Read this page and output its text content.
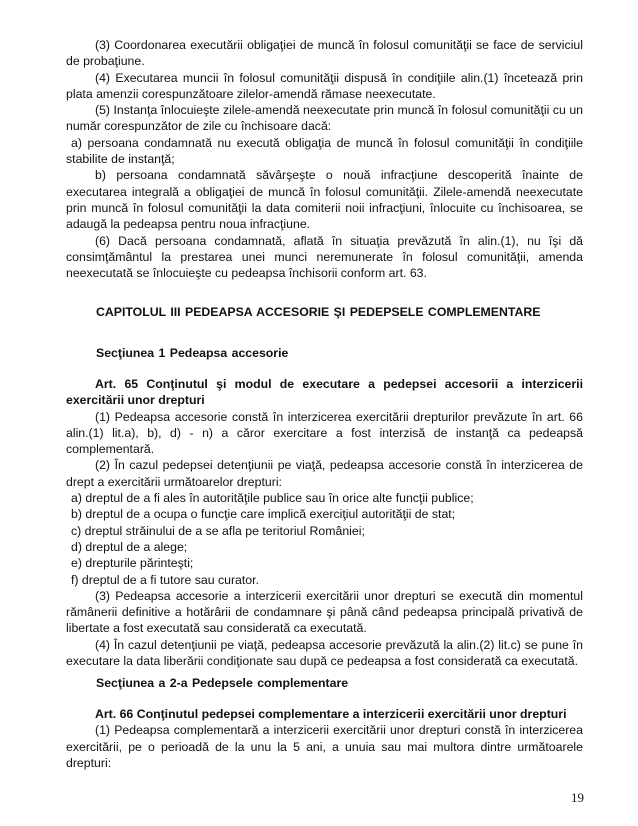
(3) Coordonarea executării obligaţiei de muncă în folosul comunităţii se face de serviciul de probaţiune.

(4) Executarea muncii în folosul comunităţii dispusă în condiţiile alin.(1) încetează prin plata amenzii corespunzătoare zilelor-amendă rămase neexecutate.

(5) Instanţa înlocuieşte zilele-amendă neexecutate prin muncă în folosul comunităţii cu un număr corespunzător de zile cu închisoare dacă:

a) persoana condamnată nu execută obligaţia de muncă în folosul comunităţii în condiţiile stabilite de instanţă;

b) persoana condamnată săvârşeşte o nouă infracţiune descoperită înainte de executarea integrală a obligaţiei de muncă în folosul comunităţii. Zilele-amendă neexecutate prin muncă în folosul comunităţii la data comiterii noii infracţiuni, înlocuite cu închisoarea, se adaugă la pedeapsa pentru noua infracţiune.

(6) Dacă persoana condamnată, aflată în situaţia prevăzută în alin.(1), nu îşi dă consimţământul la prestarea unei munci neremunerate în folosul comunităţii, amenda neexecutată se înlocuieşte cu pedeapsa închisorii conform art. 63.

CAPITOLUL III PEDEAPSA ACCESORIE ŞI PEDEPSELE COMPLEMENTARE
Secţiunea 1 Pedeapsa accesorie

Art. 65 Conţinutul şi modul de executare a pedepsei accesorii a interzicerii exercitării unor drepturi

(1) Pedeapsa accesorie constă în interzicerea exercitării drepturilor prevăzute în art. 66 alin.(1) lit.a), b), d) - n) a căror exercitare a fost interzisă de instanţă ca pedeapsă complementară.

(2) În cazul pedepsei detenţiunii pe viaţă, pedeapsa accesorie constă în interzicerea de drept a exercitării următoarelor drepturi:

a) dreptul de a fi ales în autorităţile publice sau în orice alte funcţii publice;

b) dreptul de a ocupa o funcţie care implică exerciţiul autorităţii de stat;

c) dreptul străinului de a se afla pe teritoriul României;

d) dreptul de a alege;

e) drepturile părinteşti;

f) dreptul de a fi tutore sau curator.

(3) Pedeapsa accesorie a interzicerii exercitării unor drepturi se execută din momentul rămânerii definitive a hotărârii de condamnare şi până când pedeapsa principală privativă de libertate a fost executată sau considerată ca executată.

(4) În cazul detenţiunii pe viaţă, pedeapsa accesorie prevăzută la alin.(2) lit.c) se pune în executare la data liberării condiţionate sau după ce pedeapsa a fost considerată ca executată.

Secţiunea a 2-a Pedepsele complementare

Art. 66 Conţinutul pedepsei complementare a interzicerii exercitării unor drepturi

(1) Pedeapsa complementară a interzicerii exercitării unor drepturi constă în interzicerea exercitării, pe o perioadă de la unu la 5 ani, a unuia sau mai multora dintre următoarele drepturi:

19
